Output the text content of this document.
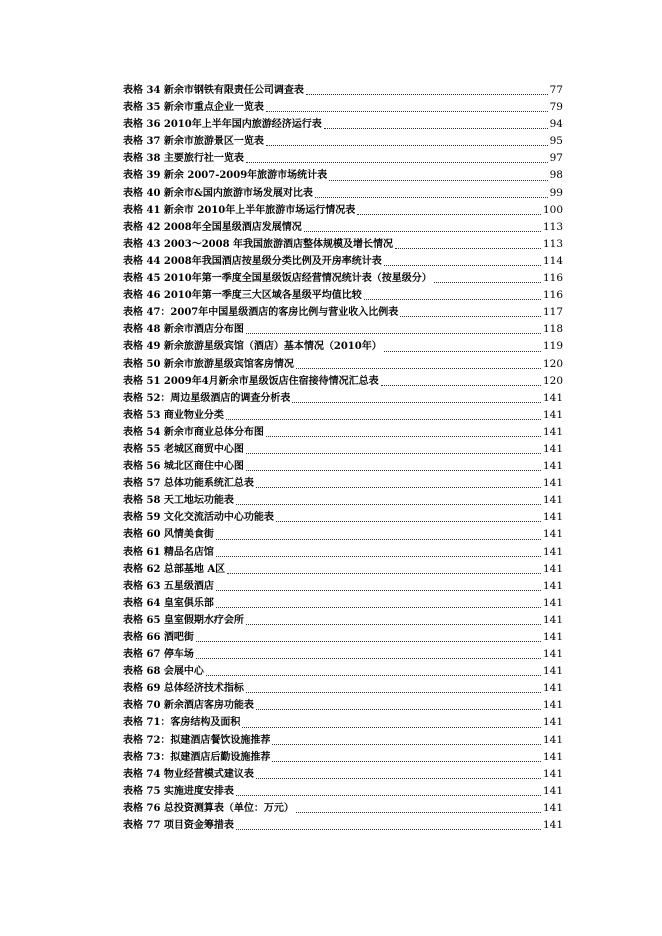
表格 34 新余市钢铁有限责任公司调查表	77
表格 35 新余市重点企业一览表	79
表格 36 2010年上半年国内旅游经济运行表	94
表格 37 新余市旅游景区一览表	95
表格 38 主要旅行社一览表	97
表格 39 新余 2007-2009年旅游市场统计表	98
表格 40 新余市&国内旅游市场发展对比表	99
表格 41 新余市 2010年上半年旅游市场运行情况表	100
表格 42 2008年全国星级酒店发展情况	113
表格 43 2003～2008 年我国旅游酒店整体规模及增长情况	113
表格 44 2008年我国酒店按星级分类比例及开房率统计表	114
表格 45 2010年第一季度全国星级饭店经营情况统计表（按星级分）	116
表格 46 2010年第一季度三大区域各星级平均值比较	116
表格 47：2007年中国星级酒店的客房比例与营业收入比例表	117
表格 48 新余市酒店分布图	118
表格 49 新余旅游星级宾馆（酒店）基本情况（2010年）	119
表格 50 新余市旅游星级宾馆客房情况	120
表格 51 2009年4月新余市星级饭店住宿接待情况汇总表	120
表格 52：周边星级酒店的调查分析表	141
表格 53 商业物业分类	141
表格 54 新余市商业总体分布图	141
表格 55 老城区商贸中心图	141
表格 56 城北区商住中心图	141
表格 57 总体功能系统汇总表	141
表格 58 天工地坛功能表	141
表格 59 文化交流活动中心功能表	141
表格 60 风情美食街	141
表格 61 精品名店馆	141
表格 62 总部基地 A区	141
表格 63 五星级酒店	141
表格 64 皇室俱乐部	141
表格 65 皇室假期水疗会所	141
表格 66 酒吧街	141
表格 67 停车场	141
表格 68 会展中心	141
表格 69 总体经济技术指标	141
表格 70 新余酒店客房功能表	141
表格 71：客房结构及面积	141
表格 72：拟建酒店餐饮设施推荐	141
表格 73：拟建酒店后勤设施推荐	141
表格 74 物业经营模式建议表	141
表格 75 实施进度安排表	141
表格 76 总投资测算表（单位：万元）	141
表格 77 项目资金筹措表	141
